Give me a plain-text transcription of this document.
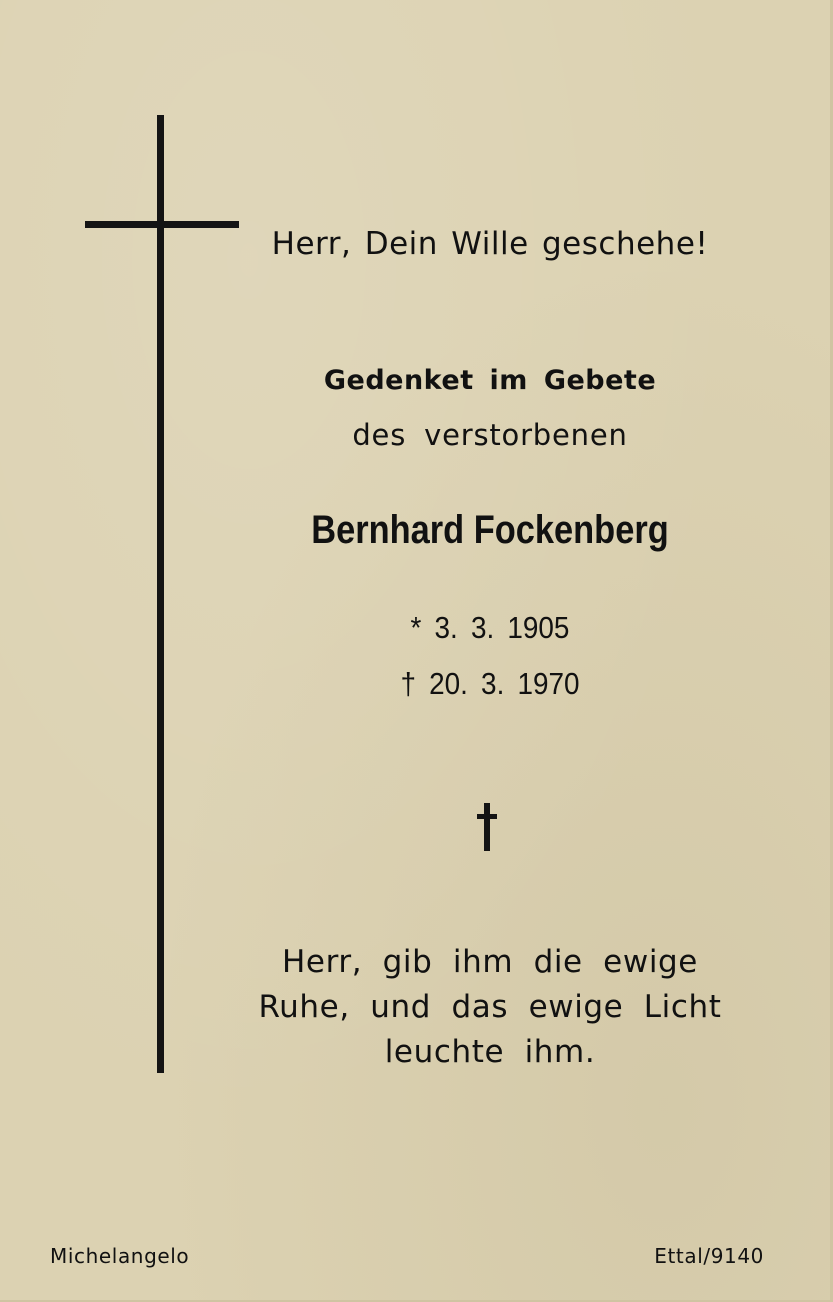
Herr, Dein Wille geschehe!
Gedenket im Gebete
des verstorbenen
Bernhard Fockenberg
* 3. 3. 1905
† 20. 3. 1970
Herr, gib ihm die ewige
Ruhe, und das ewige Licht
leuchte ihm.
Michelangelo	Ettal/9140
